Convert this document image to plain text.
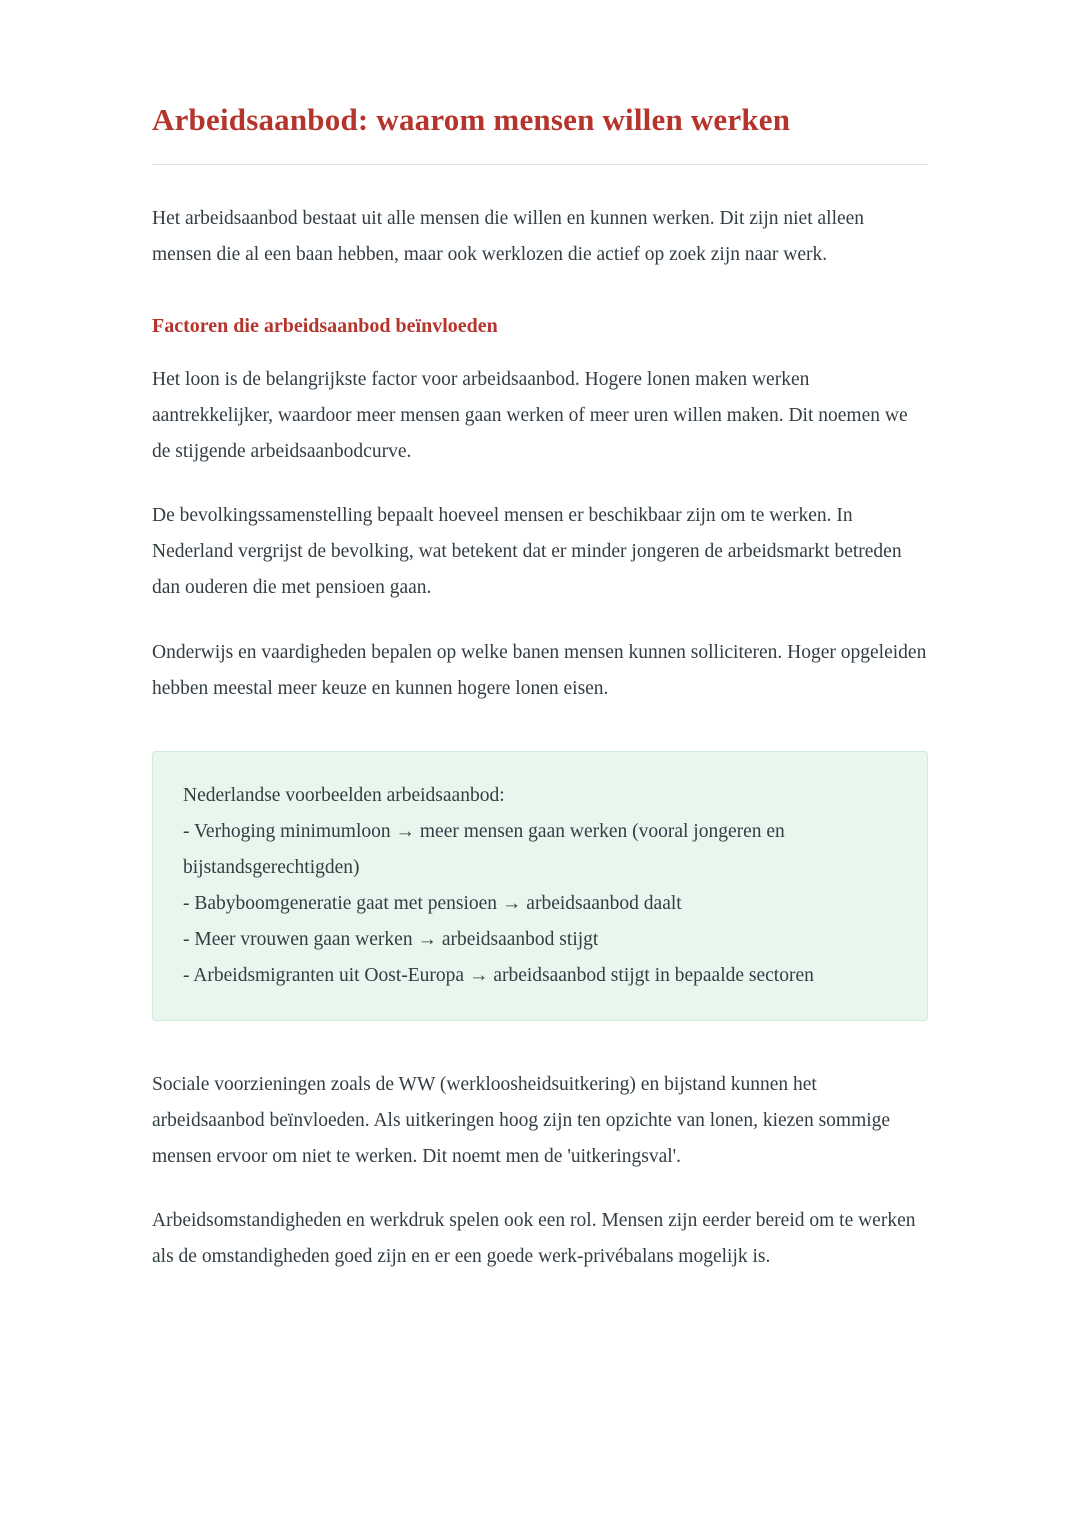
Arbeidsaanbod: waarom mensen willen werken

Het arbeidsaanbod bestaat uit alle mensen die willen en kunnen werken. Dit zijn niet alleen mensen die al een baan hebben, maar ook werklozen die actief op zoek zijn naar werk.

Factoren die arbeidsaanbod beïnvloeden

Het loon is de belangrijkste factor voor arbeidsaanbod. Hogere lonen maken werken aantrekkelijker, waardoor meer mensen gaan werken of meer uren willen maken. Dit noemen we de stijgende arbeidsaanbodcurve.

De bevolkingssamenstelling bepaalt hoeveel mensen er beschikbaar zijn om te werken. In Nederland vergrijst de bevolking, wat betekent dat er minder jongeren de arbeidsmarkt betreden dan ouderen die met pensioen gaan.

Onderwijs en vaardigheden bepalen op welke banen mensen kunnen solliciteren. Hoger opgeleiden hebben meestal meer keuze en kunnen hogere lonen eisen.

Nederlandse voorbeelden arbeidsaanbod:

- Verhoging minimumloon → meer mensen gaan werken (vooral jongeren en bijstandsgerechtigden)

- Babyboomgeneratie gaat met pensioen → arbeidsaanbod daalt

- Meer vrouwen gaan werken → arbeidsaanbod stijgt

- Arbeidsmigranten uit Oost-Europa → arbeidsaanbod stijgt in bepaalde sectoren

Sociale voorzieningen zoals de WW (werkloosheidsuitkering) en bijstand kunnen het arbeidsaanbod beïnvloeden. Als uitkeringen hoog zijn ten opzichte van lonen, kiezen sommige mensen ervoor om niet te werken. Dit noemt men de 'uitkeringsval'.

Arbeidsomstandigheden en werkdruk spelen ook een rol. Mensen zijn eerder bereid om te werken als de omstandigheden goed zijn en er een goede werk-privébalans mogelijk is.
